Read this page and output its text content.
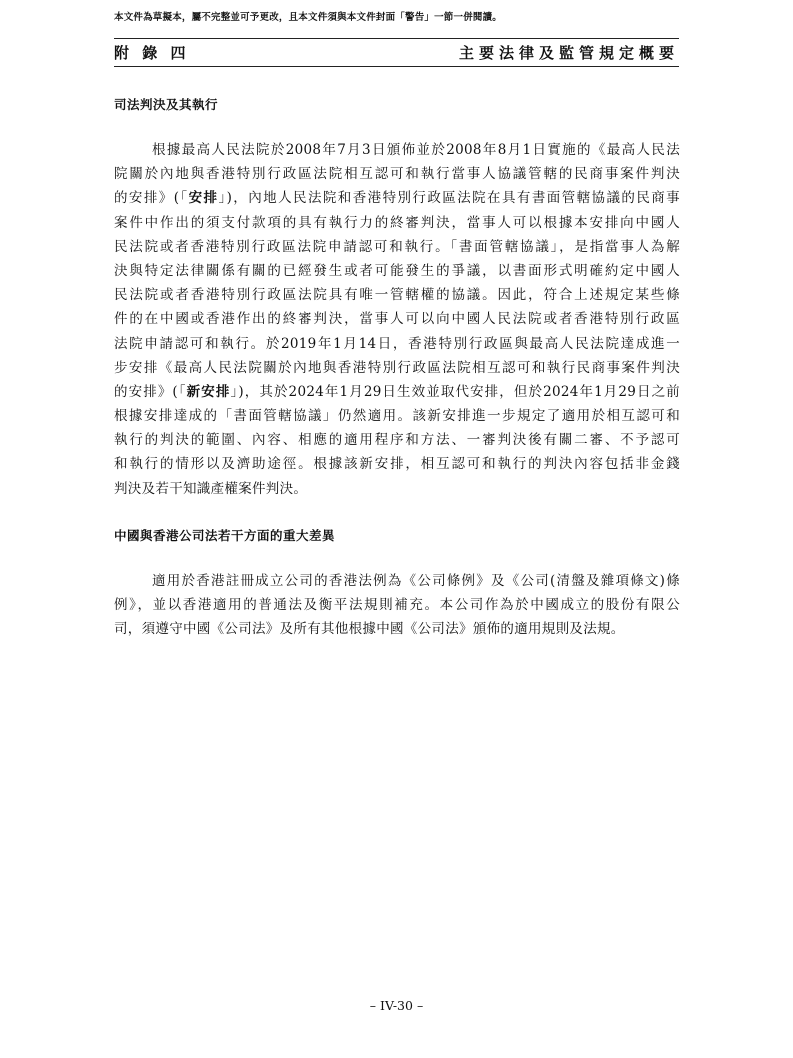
本文件為草擬本，屬不完整並可予更改，且本文件須與本文件封面「警告」一節一併閱讀。
附 錄 四	主要法律及監管規定概要
司法判決及其執行
根據最高人民法院於2008年7月3日頒佈並於2008年8月1日實施的《最高人民法
院關於內地與香港特別行政區法院相互認可和執行當事人協議管轄的民商事案件判決
的安排》(「安排」)，內地人民法院和香港特別行政區法院在具有書面管轄協議的民商事
案件中作出的須支付款項的具有執行力的終審判決，當事人可以根據本安排向中國人
民法院或者香港特別行政區法院申請認可和執行。「書面管轄協議」，是指當事人為解
決與特定法律關係有關的已經發生或者可能發生的爭議，以書面形式明確約定中國人
民法院或者香港特別行政區法院具有唯一管轄權的協議。因此，符合上述規定某些條
件的在中國或香港作出的終審判決，當事人可以向中國人民法院或者香港特別行政區
法院申請認可和執行。於2019年1月14日，香港特別行政區與最高人民法院達成進一
步安排《最高人民法院關於內地與香港特別行政區法院相互認可和執行民商事案件判決
的安排》(「新安排」)，其於2024年1月29日生效並取代安排，但於2024年1月29日之前
根據安排達成的「書面管轄協議」仍然適用。該新安排進一步規定了適用於相互認可和
執行的判決的範圍、內容、相應的適用程序和方法、一審判決後有關二審、不予認可
和執行的情形以及濟助途徑。根據該新安排，相互認可和執行的判決內容包括非金錢
判決及若干知識產權案件判決。
中國與香港公司法若干方面的重大差異
適用於香港註冊成立公司的香港法例為《公司條例》及《公司(清盤及雜項條文)條
例》，並以香港適用的普通法及衡平法規則補充。本公司作為於中國成立的股份有限公
司，須遵守中國《公司法》及所有其他根據中國《公司法》頒佈的適用規則及法規。
– IV-30 –
